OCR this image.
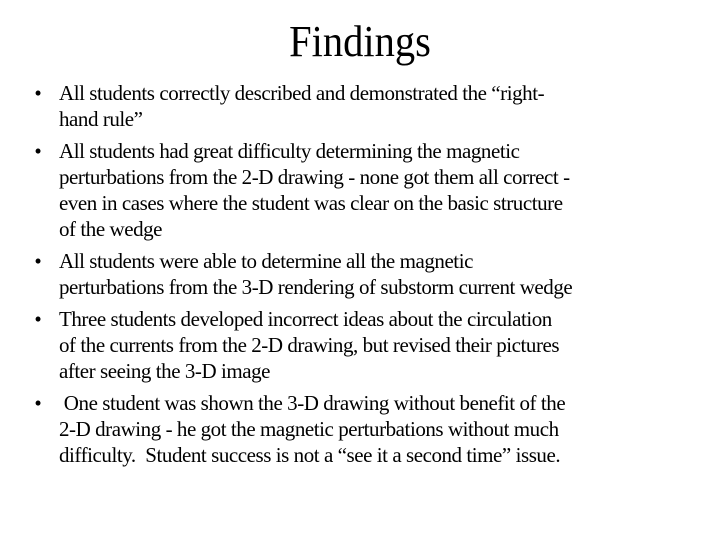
Findings
• All students correctly described and demonstrated the “right-
hand rule”
• All students had great difficulty determining the magnetic
perturbations from the 2-D drawing - none got them all correct -
even in cases where the student was clear on the basic structure
of the wedge
• All students were able to determine all the magnetic
perturbations from the 3-D rendering of substorm current wedge
• Three students developed incorrect ideas about the circulation
of the currents from the 2-D drawing, but revised their pictures
after seeing the 3-D image
• One student was shown the 3-D drawing without benefit of the
2-D drawing - he got the magnetic perturbations without much
difficulty.  Student success is not a “see it a second time” issue.
